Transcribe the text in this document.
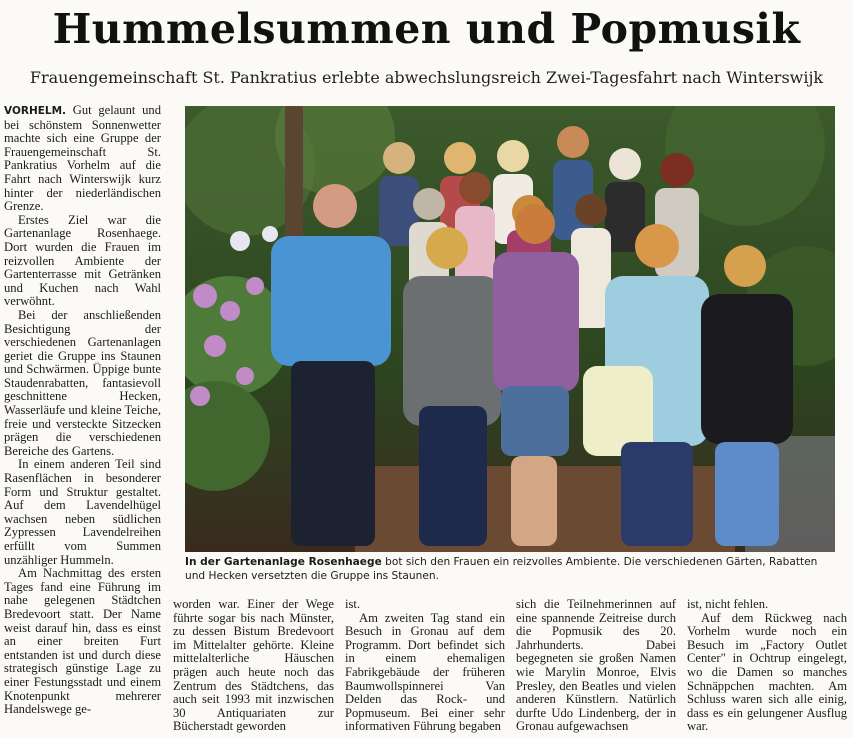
Hummelsummen und Popmusik
Frauengemeinschaft St. Pankratius erlebte abwechslungsreich Zwei-Tagesfahrt nach Winterswijk

VORHELM. Gut gelaunt und bei schönstem Sonnenwetter machte sich eine Gruppe der Frauengemeinschaft St. Pankratius Vorhelm auf die Fahrt nach Winterswijk kurz hinter der niederländischen Grenze.

Erstes Ziel war die Gartenanlage Rosenhaege. Dort wurden die Frauen im reizvollen Ambiente der Gartenterrasse mit Getränken und Kuchen nach Wahl verwöhnt.

Bei der anschließenden Besichtigung der verschiedenen Gartenanlagen geriet die Gruppe ins Staunen und Schwärmen. Üppige bunte Staudenrabatten, fantasievoll geschnittene Hecken, Wasserläufe und kleine Teiche, freie und versteckte Sitzecken prägen die verschiedenen Bereiche des Gartens.

In einem anderen Teil sind Rasenflächen in besonderer Form und Struktur gestaltet. Auf dem Lavendelhügel wachsen neben südlichen Zypressen Lavendelreihen erfüllt vom Summen unzähliger Hummeln.

Am Nachmittag des ersten Tages fand eine Führung im nahe gelegenen Städtchen Bredevoort statt. Der Name weist darauf hin, dass es einst an einer breiten Furt entstanden ist und durch diese strategisch günstige Lage zu einer Festungsstadt und einem Knotenpunkt mehrerer Handelswege ge-

In der Gartenanlage Rosenhaege bot sich den Frauen ein reizvolles Ambiente. Die verschiedenen Gärten, Rabatten und Hecken versetzten die Gruppe ins Staunen.

worden war. Einer der Wege führte sogar bis nach Münster, zu dessen Bistum Bredevoort im Mittelalter gehörte. Kleine mittelalterliche Häuschen prägen auch heute noch das Zentrum des Städtchens, das auch seit 1993 mit inzwischen 30 Antiquariaten zur Bücherstadt geworden

ist.

Am zweiten Tag stand ein Besuch in Gronau auf dem Programm. Dort befindet sich in einem ehemaligen Fabrikgebäude der früheren Baumwollspinnerei Van Delden das Rock- und Popmuseum. Bei einer sehr informativen Führung begaben

sich die Teilnehmerinnen auf eine spannende Zeitreise durch die Popmusik des 20. Jahrhunderts. Dabei begegneten sie großen Namen wie Marylin Monroe, Elvis Presley, den Beatles und vielen anderen Künstlern. Natürlich durfte Udo Lindenberg, der in Gronau aufgewachsen

ist, nicht fehlen.

Auf dem Rückweg nach Vorhelm wurde noch ein Besuch im „Factory Outlet Center" in Ochtrup eingelegt, wo die Damen so manches Schnäppchen machten. Am Schluss waren sich alle einig, dass es ein gelungener Ausflug war.
